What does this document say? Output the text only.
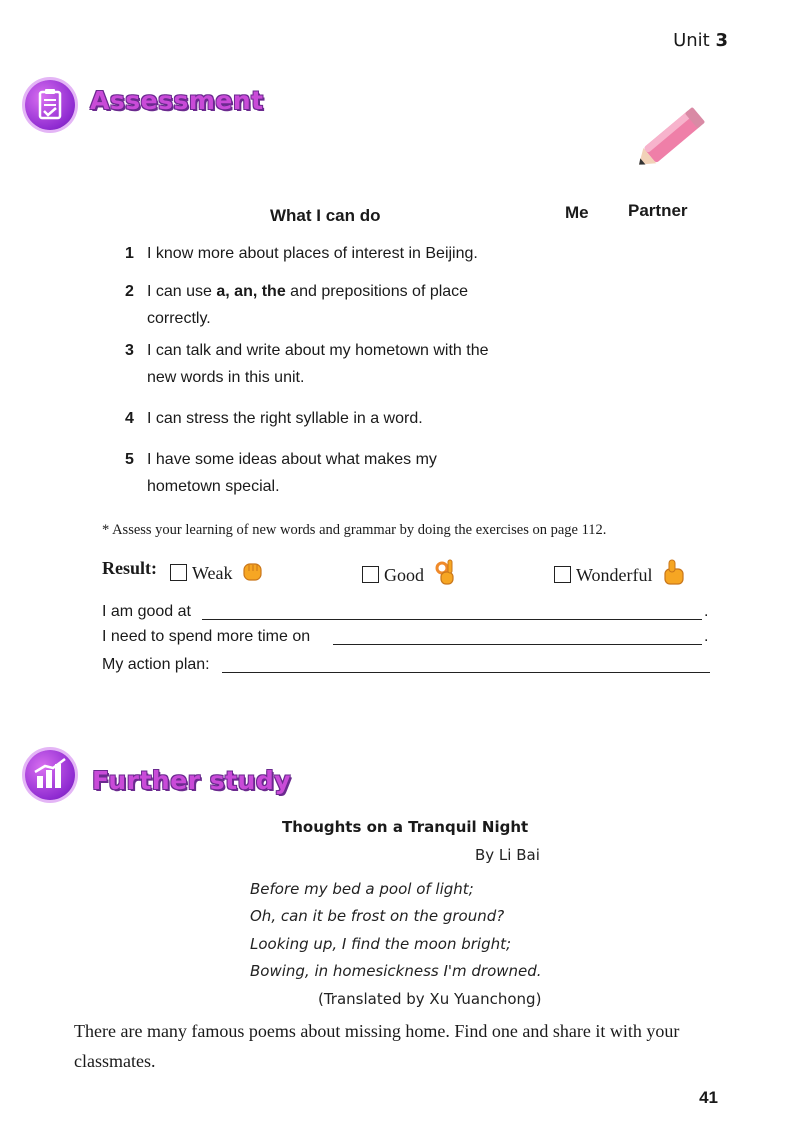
Unit 3
Assessment
What I can do	Me Partner
1 I know more about places of interest in Beijing.
2 I can use a, an, the and prepositions of place
correctly.
3 I can talk and write about my hometown with the
new words in this unit.
4 I can stress the right syllable in a word.
5 I have some ideas about what makes my
hometown special.
* Assess your learning of new words and grammar by doing the exercises on page 112.
Result:	Weak	Good	Wonderful
I am good at	.
I need to spend more time on	.
My action plan:
Further study
Thoughts on a Tranquil Night
By Li Bai
Before my bed a pool of light;
Oh, can it be frost on the ground?
Looking up, I find the moon bright;
Bowing, in homesickness I'm drowned.
(Translated by Xu Yuanchong)
There are many famous poems about missing home. Find one and share it with your classmates.
41
